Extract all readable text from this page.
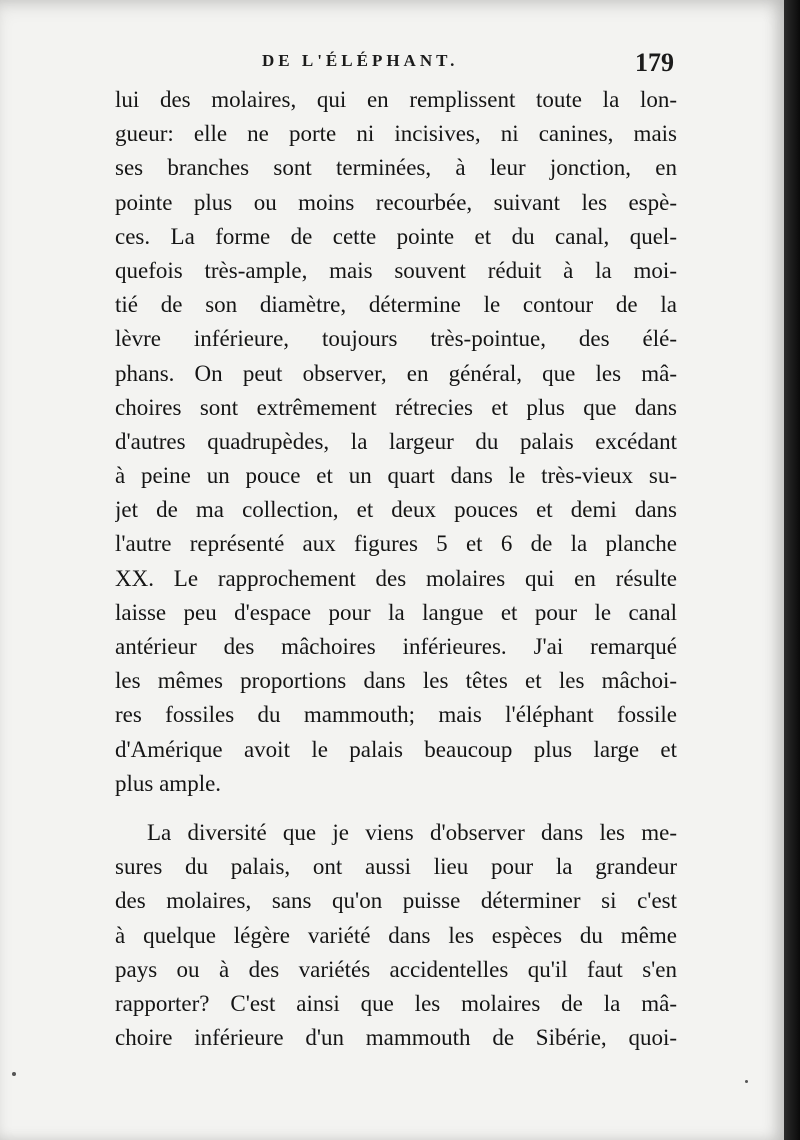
DE L'ÉLÉPHANT.	179
lui des molaires, qui en remplissent toute la lon-
gueur: elle ne porte ni incisives, ni canines, mais
ses branches sont terminées, à leur jonction, en
pointe plus ou moins recourbée, suivant les espè-
ces. La forme de cette pointe et du canal, quel-
quefois très-ample, mais souvent réduit à la moi-
tié de son diamètre, détermine le contour de la
lèvre inférieure, toujours très-pointue, des élé-
phans. On peut observer, en général, que les mâ-
choires sont extrêmement rétrecies et plus que dans
d'autres quadrupèdes, la largeur du palais excédant
à peine un pouce et un quart dans le très-vieux su-
jet de ma collection, et deux pouces et demi dans
l'autre représenté aux figures 5 et 6 de la planche
XX. Le rapprochement des molaires qui en résulte
laisse peu d'espace pour la langue et pour le canal
antérieur des mâchoires inférieures. J'ai remarqué
les mêmes proportions dans les têtes et les mâchoi-
res fossiles du mammouth; mais l'éléphant fossile
d'Amérique avoit le palais beaucoup plus large et
plus ample.
La diversité que je viens d'observer dans les me-
sures du palais, ont aussi lieu pour la grandeur
des molaires, sans qu'on puisse déterminer si c'est
à quelque légère variété dans les espèces du même
pays ou à des variétés accidentelles qu'il faut s'en
rapporter? C'est ainsi que les molaires de la mâ-
choire inférieure d'un mammouth de Sibérie, quoi-
